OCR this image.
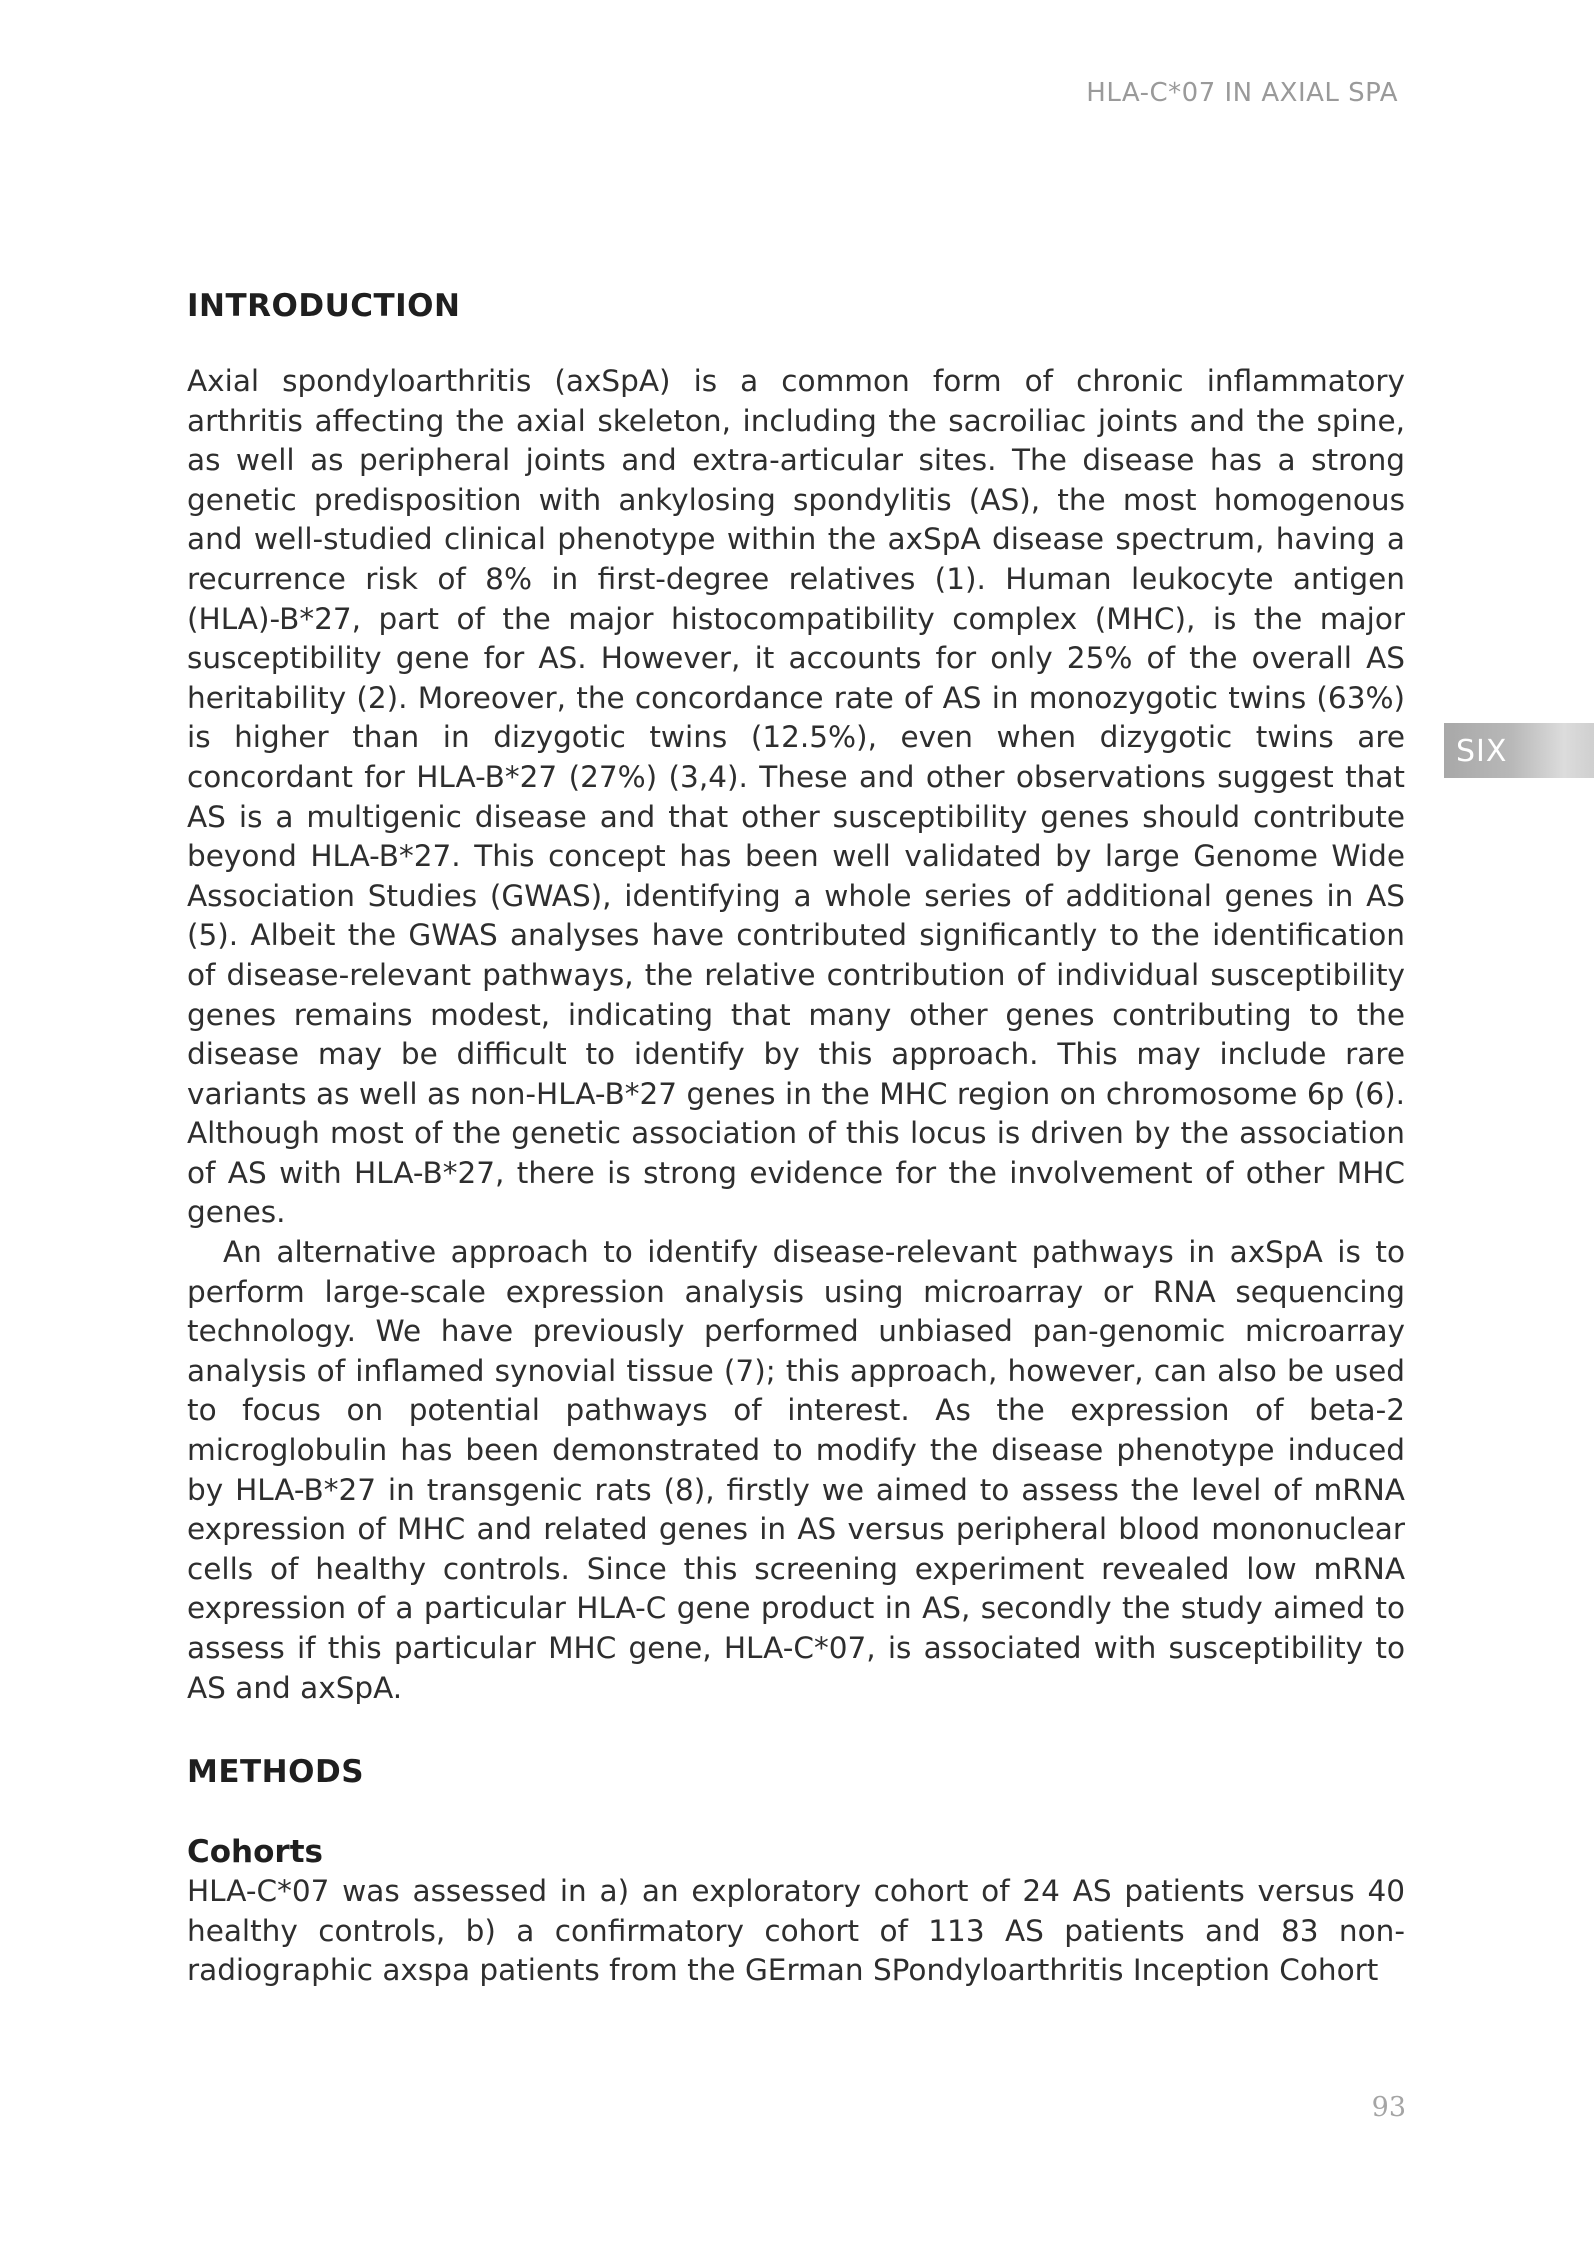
HLA-C*07 IN AXIAL SPA
SIX
INTRODUCTION

Axial spondyloarthritis (axSpA) is a common form of chronic inflammatory arthritis affecting the axial skeleton, including the sacroiliac joints and the spine, as well as peripheral joints and extra-articular sites. The disease has a strong genetic predisposition with ankylosing spondylitis (AS), the most homogenous and well-studied clinical phenotype within the axSpA disease spectrum, having a recurrence risk of 8% in first-degree relatives (1). Human leukocyte antigen (HLA)-B*27, part of the major histocompatibility complex (MHC), is the major susceptibility gene for AS. However, it accounts for only 25% of the overall AS heritability (2). Moreover, the concordance rate of AS in monozygotic twins (63%) is higher than in dizygotic twins (12.5%), even when dizygotic twins are concordant for HLA-B*27 (27%) (3,4). These and other observations suggest that AS is a multigenic disease and that other susceptibility genes should contribute beyond HLA-B*27. This concept has been well validated by large Genome Wide Association Studies (GWAS), identifying a whole series of additional genes in AS (5). Albeit the GWAS analyses have contributed significantly to the identification of disease-relevant pathways, the relative contribution of individual susceptibility genes remains modest, indicating that many other genes contributing to the disease may be difficult to identify by this approach. This may include rare variants as well as non-HLA-B*27 genes in the MHC region on chromosome 6p (6). Although most of the genetic association of this locus is driven by the association of AS with HLA-B*27, there is strong evidence for the involvement of other MHC genes.

An alternative approach to identify disease-relevant pathways in axSpA is to perform large-scale expression analysis using microarray or RNA sequencing technology. We have previously performed unbiased pan-genomic microarray analysis of inflamed synovial tissue (7); this approach, however, can also be used to focus on potential pathways of interest. As the expression of beta-2 microglobulin has been demonstrated to modify the disease phenotype induced by HLA-B*27 in transgenic rats (8), firstly we aimed to assess the level of mRNA expression of MHC and related genes in AS versus peripheral blood mononuclear cells of healthy controls. Since this screening experiment revealed low mRNA expression of a particular HLA-C gene product in AS, secondly the study aimed to assess if this particular MHC gene, HLA-C*07, is associated with susceptibility to AS and axSpA.

METHODS
Cohorts

HLA-C*07 was assessed in a) an exploratory cohort of 24 AS patients versus 40 healthy controls, b) a confirmatory cohort of 113 AS patients and 83 non-radiographic axspa patients from the GErman SPondyloarthritis Inception Cohort

93
